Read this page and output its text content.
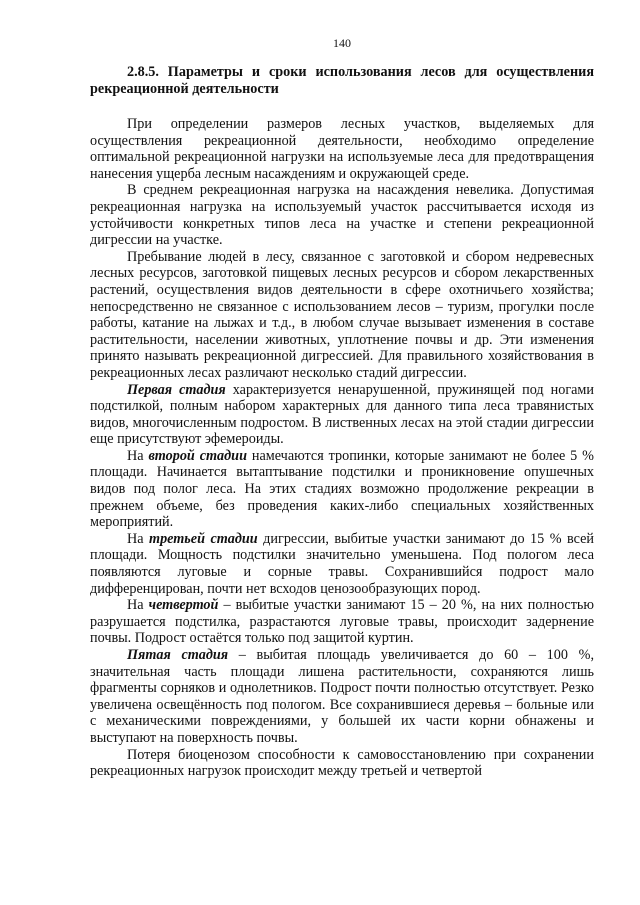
140
2.8.5. Параметры и сроки использования лесов для осуществления рекреационной деятельности

При определении размеров лесных участков, выделяемых для осуществления рекреационной деятельности, необходимо определение оптимальной рекреационной нагрузки на используемые леса для предотвращения нанесения ущерба лесным насаждениям и окружающей среде.

В среднем рекреационная нагрузка на насаждения невелика. Допустимая рекреационная нагрузка на используемый участок рассчитывается исходя из устойчивости конкретных типов леса на участке и степени рекреационной дигрессии на участке.

Пребывание людей в лесу, связанное с заготовкой и сбором недревесных лесных ресурсов, заготовкой пищевых лесных ресурсов и сбором лекарственных растений, осуществления видов деятельности в сфере охотничьего хозяйства; непосредственно не связанное с использованием лесов – туризм, прогулки после работы, катание на лыжах и т.д., в любом случае вызывает изменения в составе растительности, населении животных, уплотнение почвы и др. Эти изменения принято называть рекреационной дигрессией. Для правильного хозяйствования в рекреационных лесах различают несколько стадий дигрессии.

Первая стадия характеризуется ненарушенной, пружинящей под ногами подстилкой, полным набором характерных для данного типа леса травянистых видов, многочисленным подростом. В лиственных лесах на этой стадии дигрессии еще присутствуют эфемероиды.

На второй стадии намечаются тропинки, которые занимают не более 5 % площади. Начинается вытаптывание подстилки и проникновение опушечных видов под полог леса. На этих стадиях возможно продолжение рекреации в прежнем объеме, без проведения каких-либо специальных хозяйственных мероприятий.

На третьей стадии дигрессии, выбитые участки занимают до 15 % всей площади. Мощность подстилки значительно уменьшена. Под пологом леса появляются луговые и сорные травы. Сохранившийся подрост мало дифференцирован, почти нет всходов ценозообразующих пород.

На четвертой – выбитые участки занимают 15 – 20 %, на них полностью разрушается подстилка, разрастаются луговые травы, происходит задернение почвы. Подрост остаётся только под защитой куртин.

Пятая стадия – выбитая площадь увеличивается до 60 – 100 %, значительная часть площади лишена растительности, сохраняются лишь фрагменты сорняков и однолетников. Подрост почти полностью отсутствует. Резко увеличена освещённость под пологом. Все сохранившиеся деревья – больные или с механическими повреждениями, у большей их части корни обнажены и выступают на поверхность почвы.

Потеря биоценозом способности к самовосстановлению при сохранении рекреационных нагрузок происходит между третьей и четвертой
